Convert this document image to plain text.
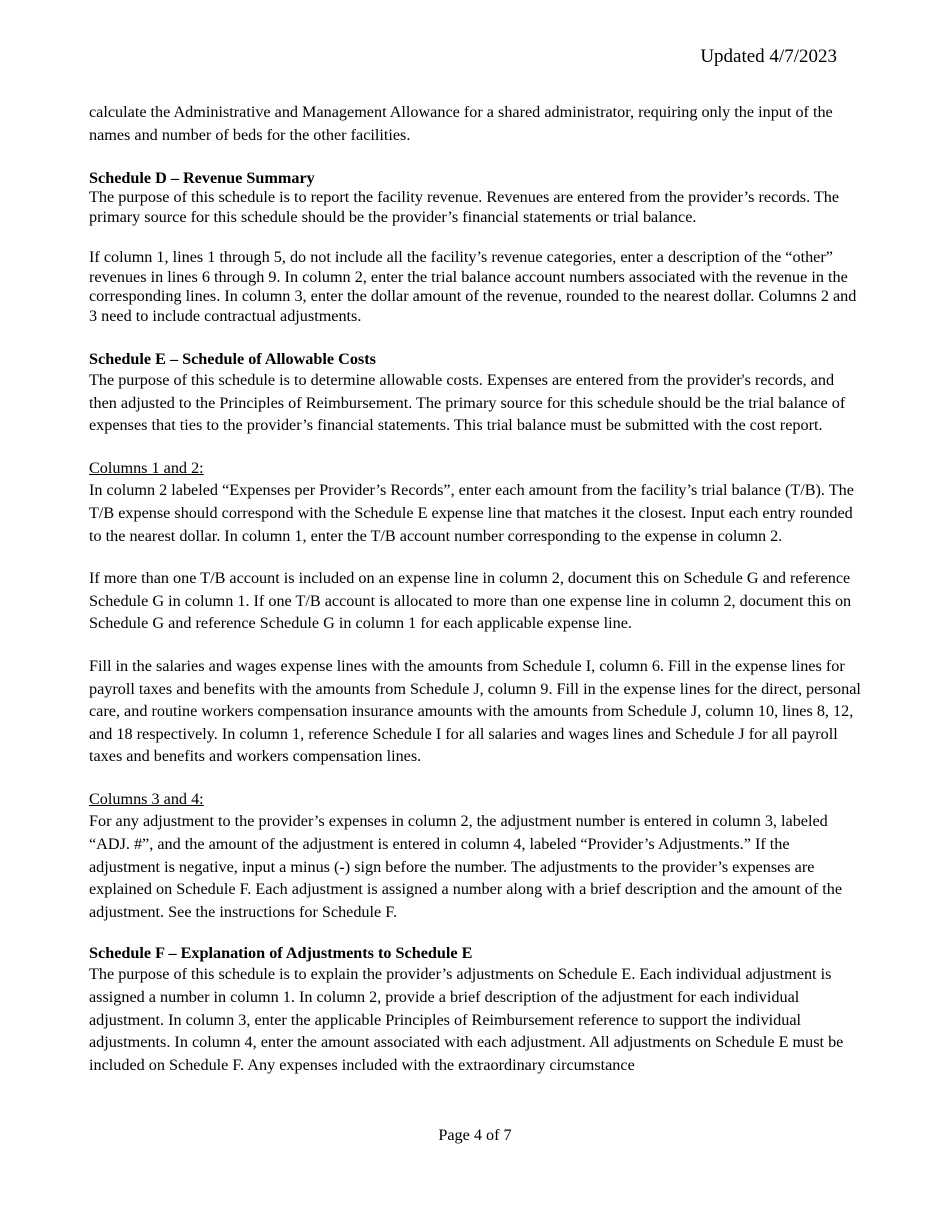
Updated 4/7/2023

calculate the Administrative and Management Allowance for a shared administrator, requiring only the input of the names and number of beds for the other facilities.

Schedule D – Revenue Summary

The purpose of this schedule is to report the facility revenue. Revenues are entered from the provider’s records. The primary source for this schedule should be the provider’s financial statements or trial balance.

If column 1, lines 1 through 5, do not include all the facility’s revenue categories, enter a description of the “other” revenues in lines 6 through 9. In column 2, enter the trial balance account numbers associated with the revenue in the corresponding lines. In column 3, enter the dollar amount of the revenue, rounded to the nearest dollar. Columns 2 and 3 need to include contractual adjustments.

Schedule E – Schedule of Allowable Costs

The purpose of this schedule is to determine allowable costs. Expenses are entered from the provider's records, and then adjusted to the Principles of Reimbursement. The primary source for this schedule should be the trial balance of expenses that ties to the provider’s financial statements. This trial balance must be submitted with the cost report.

Columns 1 and 2:

In column 2 labeled “Expenses per Provider’s Records”, enter each amount from the facility’s trial balance (T/B). The T/B expense should correspond with the Schedule E expense line that matches it the closest. Input each entry rounded to the nearest dollar. In column 1, enter the T/B account number corresponding to the expense in column 2.

If more than one T/B account is included on an expense line in column 2, document this on Schedule G and reference Schedule G in column 1. If one T/B account is allocated to more than one expense line in column 2, document this on Schedule G and reference Schedule G in column 1 for each applicable expense line.

Fill in the salaries and wages expense lines with the amounts from Schedule I, column 6. Fill in the expense lines for payroll taxes and benefits with the amounts from Schedule J, column 9. Fill in the expense lines for the direct, personal care, and routine workers compensation insurance amounts with the amounts from Schedule J, column 10, lines 8, 12, and 18 respectively. In column 1, reference Schedule I for all salaries and wages lines and Schedule J for all payroll taxes and benefits and workers compensation lines.

Columns 3 and 4:

For any adjustment to the provider’s expenses in column 2, the adjustment number is entered in column 3, labeled “ADJ. #”, and the amount of the adjustment is entered in column 4, labeled “Provider’s Adjustments.” If the adjustment is negative, input a minus (-) sign before the number. The adjustments to the provider’s expenses are explained on Schedule F. Each adjustment is assigned a number along with a brief description and the amount of the adjustment. See the instructions for Schedule F.

Schedule F – Explanation of Adjustments to Schedule E

The purpose of this schedule is to explain the provider’s adjustments on Schedule E. Each individual adjustment is assigned a number in column 1. In column 2, provide a brief description of the adjustment for each individual adjustment. In column 3, enter the applicable Principles of Reimbursement reference to support the individual adjustments. In column 4, enter the amount associated with each adjustment. All adjustments on Schedule E must be included on Schedule F. Any expenses included with the extraordinary circumstance

Page 4 of 7
